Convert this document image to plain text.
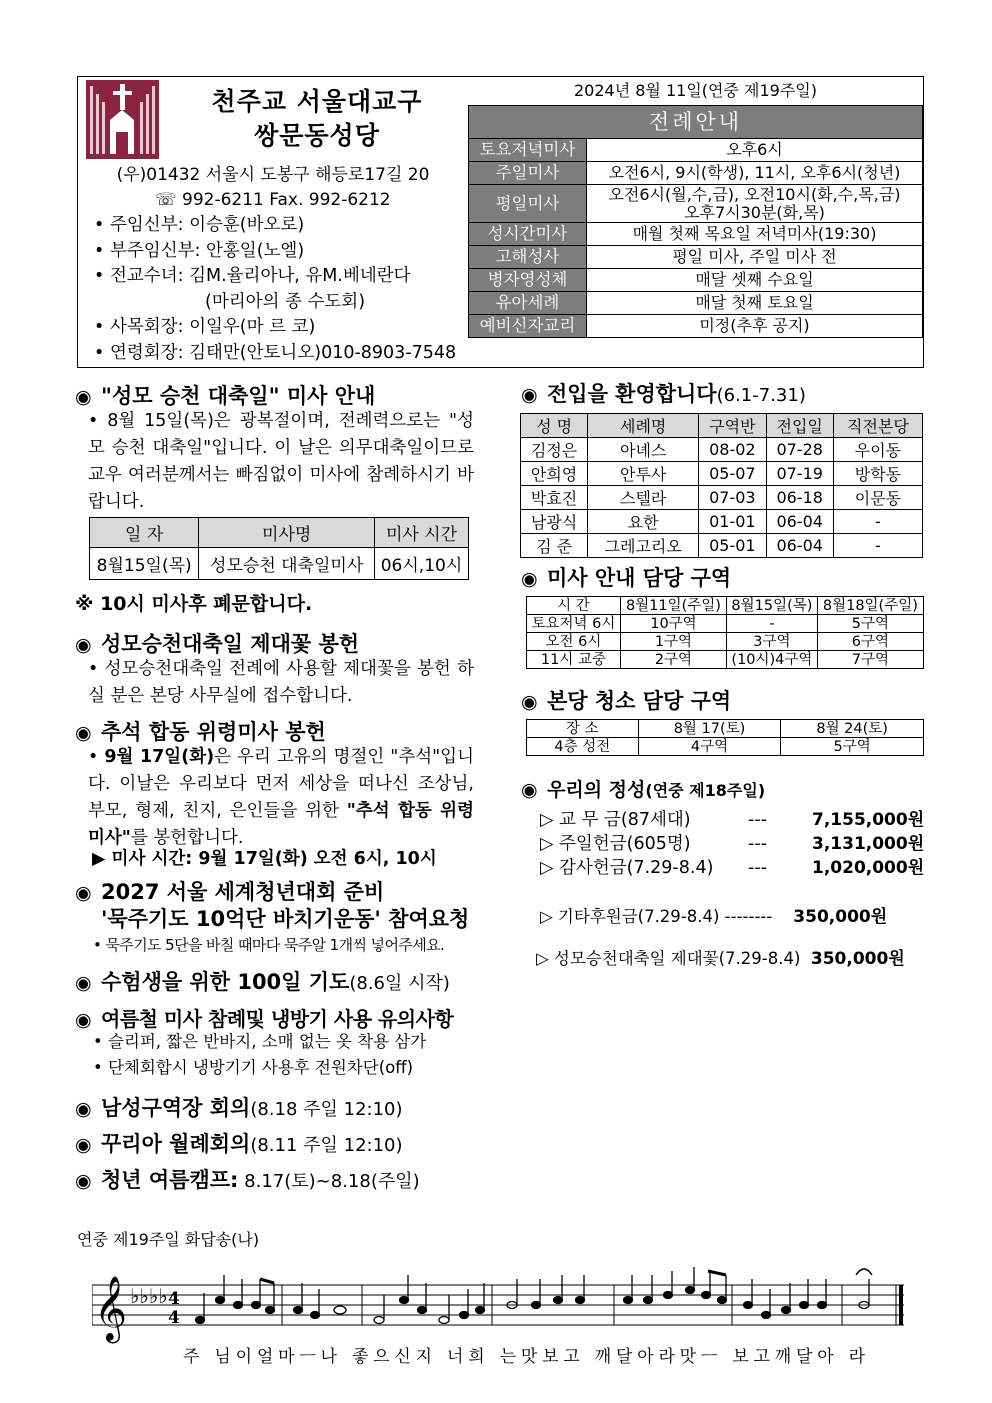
천주교 서울대교구
쌍문동성당
(우)01432 서울시 도봉구 해등로17길 20
☏ 992-6211 Fax. 992-6212
• 주임신부: 이승훈(바오로)
• 부주임신부: 안홍일(노엘)
• 전교수녀: 김M.율리아나, 유M.베네란다
(마리아의 종 수도회)
• 사목회장: 이일우(마 르 코)
• 연령회장: 김태만(안토니오)010-8903-7548
2024년 8월 11일(연중 제19주일)
전례안내	
토요저녁미사	오후6시
주일미사	오전6시, 9시(학생), 11시, 오후6시(청년)
평일미사	오전6시(월,수,금), 오전10시(화,수,목,금)
오후7시30분(화,목)

성시간미사	매월 첫째 목요일 저녁미사(19:30)
고해성사	평일 미사, 주일 미사 전
병자영성체	매달 셋째 수요일
유아세례	매달 첫째 토요일
예비신자교리	미정(추후 공지)
◉ "성모 승천 대축일" 미사 안내
• 8월 15일(목)은 광복절이며, 전례력으로는 "성모 승천 대축일"입니다. 이 날은 의무대축일이므로 교우 여러분께서는 빠짐없이 미사에 참례하시기 바랍니다.
일 자	미사명	미사 시간
8월15일(목)	성모승천 대축일미사	06시,10시
※ 10시 미사후 폐문합니다.
◉ 성모승천대축일 제대꽃 봉헌
• 성모승천대축일 전례에 사용할 제대꽃을 봉헌 하실 분은 본당 사무실에 접수합니다.
◉ 추석 합동 위령미사 봉헌
• 9월 17일(화)은 우리 고유의 명절인 "추석"입니다. 이날은 우리보다 먼저 세상을 떠나신 조상님, 부모, 형제, 친지, 은인들을 위한 "추석 합동 위령 미사"를 봉헌합니다.
▶ 미사 시간: 9월 17일(화) 오전 6시, 10시
◉ 2027 서울 세계청년대회 준비
'묵주기도 10억단 바치기운동' 참여요청
• 묵주기도 5단을 바칠 때마다 묵주알 1개씩 넣어주세요.
◉ 수험생을 위한 100일 기도(8.6일 시작)
◉ 여름철 미사 참례및 냉방기 사용 유의사항
• 슬리퍼, 짧은 반바지, 소매 없는 옷 착용 삼가
• 단체회합시 냉방기기 사용후 전원차단(off)
◉ 남성구역장 회의(8.18 주일 12:10)
◉ 꾸리아 월례회의(8.11 주일 12:10)
◉ 청년 여름캠프: 8.17(토)~8.18(주일)
◉ 전입을 환영합니다(6.1-7.31)
성 명	세례명	구역반	전입일	직전본당
김정은	아녜스	08-02	07-28	우이동
안희영	안투사	05-07	07-19	방학동
박효진	스텔라	07-03	06-18	이문동
남광식	요한	01-01	06-04	-
김 준	그레고리오	05-01	06-04	-
◉ 미사 안내 담당 구역
시 간	8월11일(주일)	8월15일(목)	8월18일(주일)
토요저녁 6시	10구역	-	5구역
오전 6시	1구역	3구역	6구역
11시 교중	2구역	(10시)4구역	7구역
◉ 본당 청소 담당 구역
장 소	8월 17(토)	8월 24(토)
4층 성전	4구역	5구역
◉ 우리의 정성(연중 제18주일)
▷ 교 무 금(87세대)	---	7,155,000원
▷ 주일헌금(605명)	---	3,131,000원
▷ 감사헌금(7.29-8.4) ---	1,020,000원
▷ 기타후원금(7.29-8.4) -------- 350,000원
▷ 성모승천대축일 제대꽃(7.29-8.4) 350,000원
연중 제19주일 화답송(나)
𝄞 ♭♭♭♭ 4
4
주 님이얼마ㅡ나 좋으신지 너희 는맛보고 깨달아라맛ㅡ 보고깨달아 라
